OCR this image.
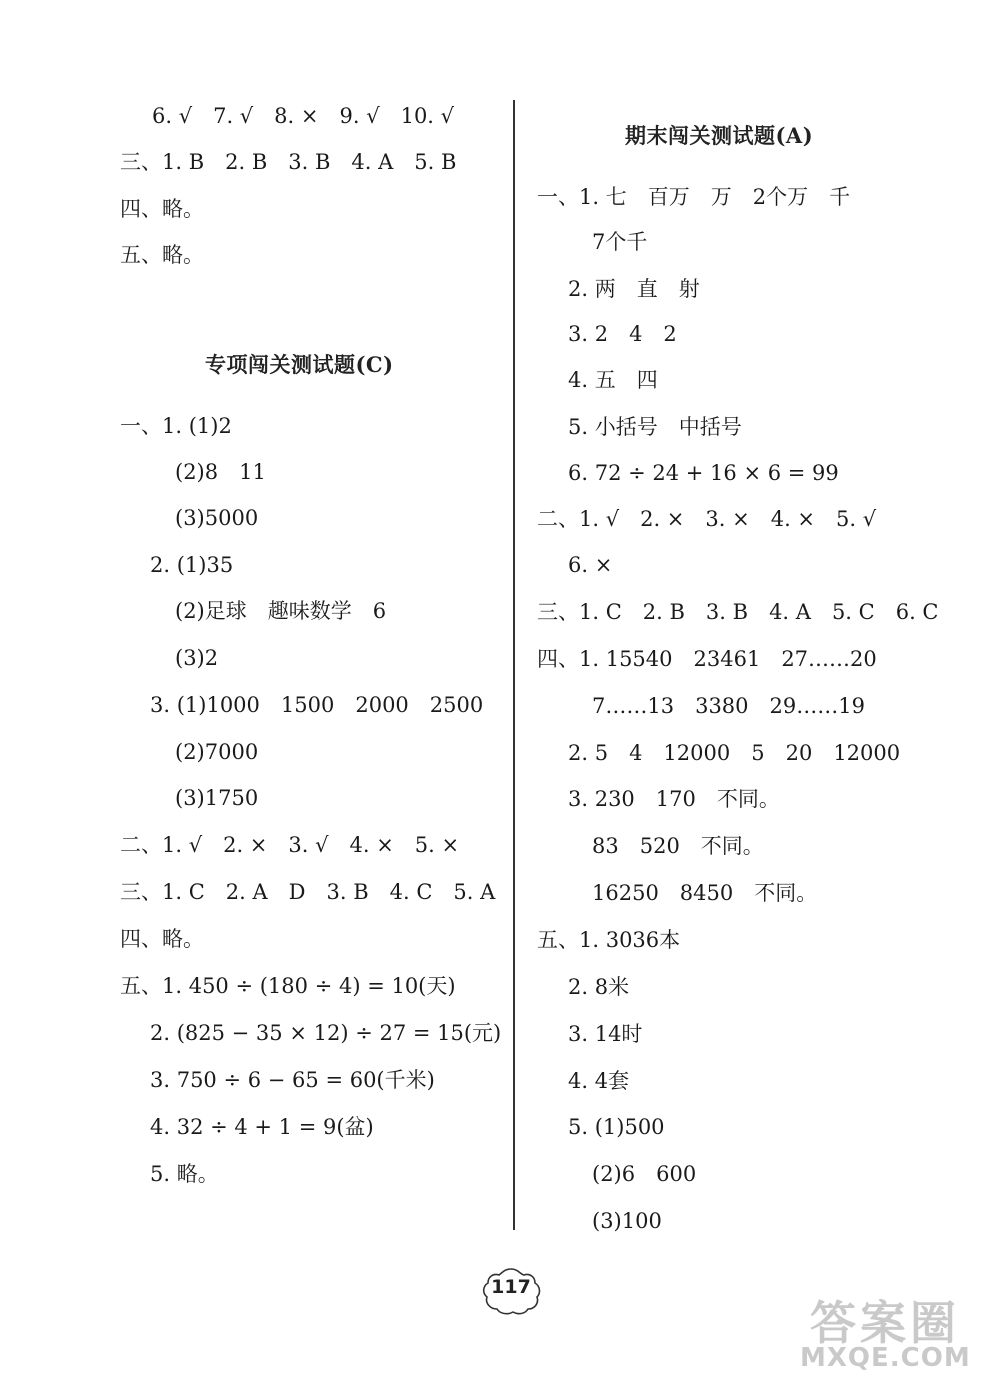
6. √　7. √　8. ×　9. √　10. √
三、1. B　2. B　3. B　4. A　5. B
四、略。
五、略。
专项闯关测试题(C)
一、1. (1)2
(2)8　11
(3)5000
2. (1)35
(2)足球　趣味数学　6
(3)2
3. (1)1000　1500　2000　2500
(2)7000
(3)1750
二、1. √　2. ×　3. √　4. ×　5. ×
三、1. C　2. A　D　3. B　4. C　5. A
四、略。
五、1. 450 ÷ (180 ÷ 4) = 10(天)
2. (825 − 35 × 12) ÷ 27 = 15(元)
3. 750 ÷ 6 − 65 = 60(千米)
4. 32 ÷ 4 + 1 = 9(盆)
5. 略。
期末闯关测试题(A)
一、1. 七　百万　万　2个万　千
7个千
2. 两　直　射
3. 2　4　2
4. 五　四
5. 小括号　中括号
6. 72 ÷ 24 + 16 × 6 = 99
二、1. √　2. ×　3. ×　4. ×　5. √
6. ×
三、1. C　2. B　3. B　4. A　5. C　6. C
四、1. 15540　23461　27……20
7……13　3380　29……19
2. 5　4　12000　5　20　12000
3. 230　170　不同。
83　520　不同。
16250　8450　不同。
五、1. 3036本
2. 8米
3. 14时
4. 4套
5. (1)500
(2)6　600
(3)100
117
答案圈
MXQE.COM
